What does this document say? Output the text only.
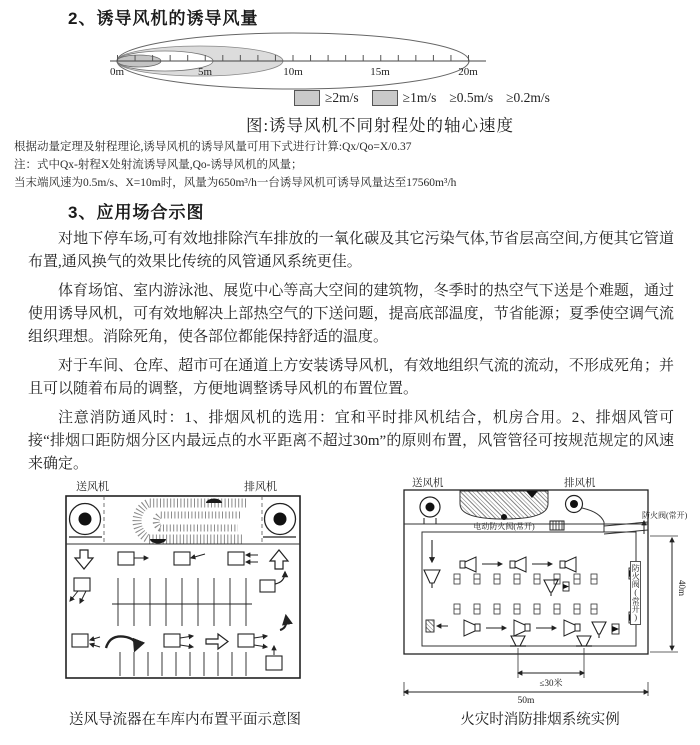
2、诱导风机的诱导风量
0m	5m	10m	15m	20m
≥2m/s	≥1m/s ≥0.5m/s ≥0.2m/s
图:诱导风机不同射程处的轴心速度
根据动量定理及射程理论,诱导风机的诱导风量可用下式进行计算:Qx/Qo=X/0.37
注：式中Qx-射程X处射流诱导风量,Qo-诱导风机的风量；
当末端风速为0.5m/s、X=10m时，风量为650m³/h一台诱导风机可诱导风量达至17560m³/h
3、应用场合示图

对地下停车场,可有效地排除汽车排放的一氧化碳及其它污染气体,节省层高空间,方便其它管道布置,通风换气的效果比传统的风管通风系统更佳。

体育场馆、室内游泳池、展览中心等高大空间的建筑物，冬季时的热空气下送是个难题，通过使用诱导风机，可有效地解决上部热空气的下送问题，提高底部温度，节省能源；夏季使空调气流组织理想。消除死角，使各部位都能保持舒适的温度。

对于车间、仓库、超市可在通道上方安装诱导风机，有效地组织气流的流动，不形成死角；并且可以随着布局的调整，方便地调整诱导风机的布置位置。

注意消防通风时：1、排烟风机的选用：宜和平时排风机结合，机房合用。2、排烟风管可接“排烟口距防烟分区内最远点的水平距离不超过30m”的原则布置，风管管径可按规范规定的风速来确定。

送风机	排风机	送风机	排风机
电动防火阀(常开)
防火阀(常开)
≤30米
50m
40m
防火阀(常开)
送风导流器在车库内布置平面示意图	火灾时消防排烟系统实例
